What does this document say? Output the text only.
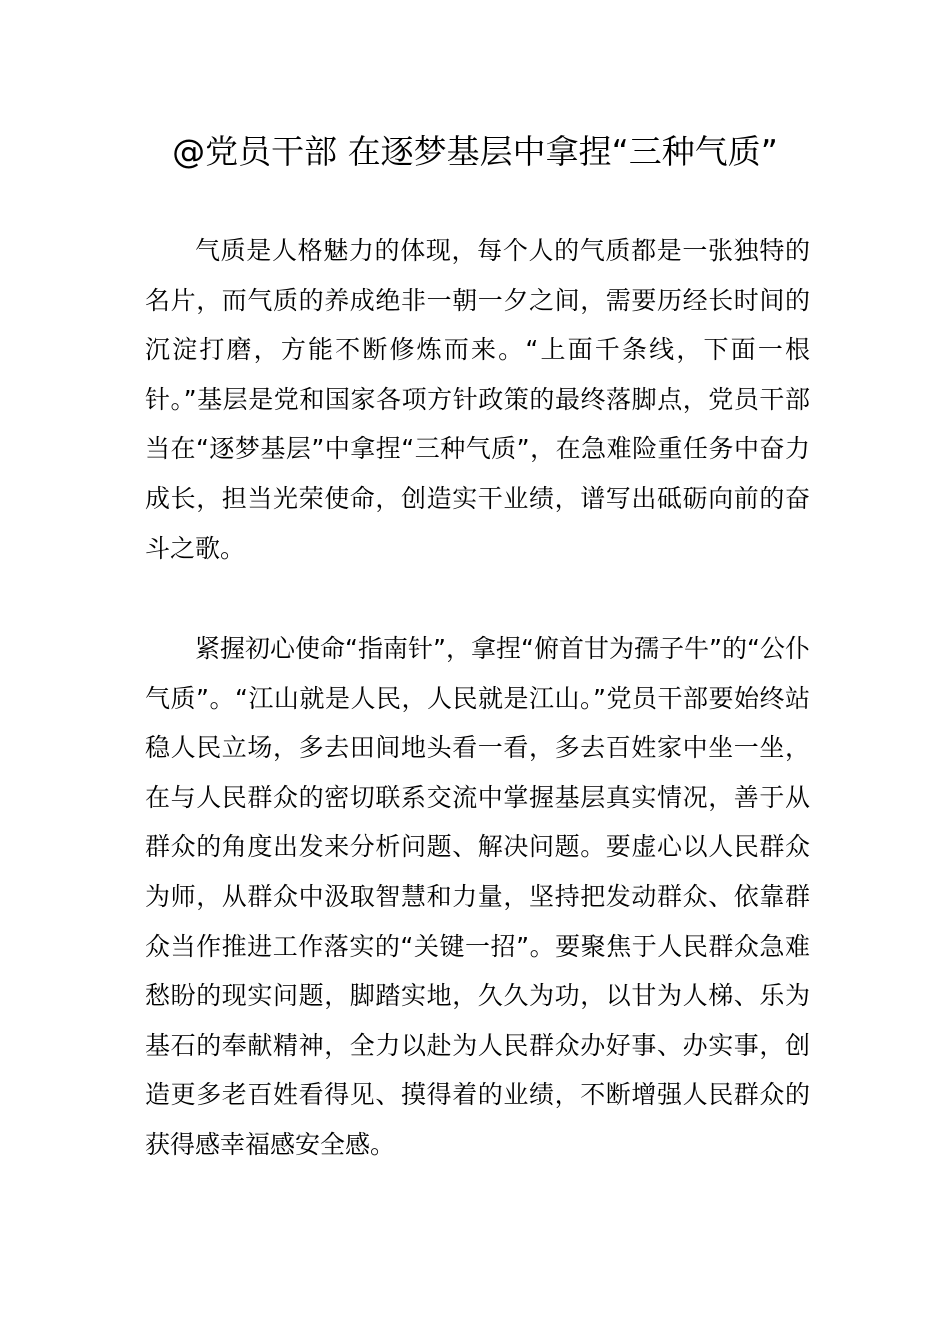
@党员干部 在逐梦基层中拿捏“三种气质”

气质是人格魅力的体现，每个人的气质都是一张独特的名片，而气质的养成绝非一朝一夕之间，需要历经长时间的沉淀打磨，方能不断修炼而来。“上面千条线，下面一根针。”基层是党和国家各项方针政策的最终落脚点，党员干部当在“逐梦基层”中拿捏“三种气质”，在急难险重任务中奋力成长，担当光荣使命，创造实干业绩，谱写出砥砺向前的奋斗之歌。

紧握初心使命“指南针”，拿捏“俯首甘为孺子牛”的“公仆气质”。“江山就是人民，人民就是江山。”党员干部要始终站稳人民立场，多去田间地头看一看，多去百姓家中坐一坐，在与人民群众的密切联系交流中掌握基层真实情况，善于从群众的角度出发来分析问题、解决问题。要虚心以人民群众为师，从群众中汲取智慧和力量，坚持把发动群众、依靠群众当作推进工作落实的“关键一招”。要聚焦于人民群众急难愁盼的现实问题，脚踏实地，久久为功，以甘为人梯、乐为基石的奉献精神，全力以赴为人民群众办好事、办实事，创造更多老百姓看得见、摸得着的业绩，不断增强人民群众的获得感幸福感安全感。
